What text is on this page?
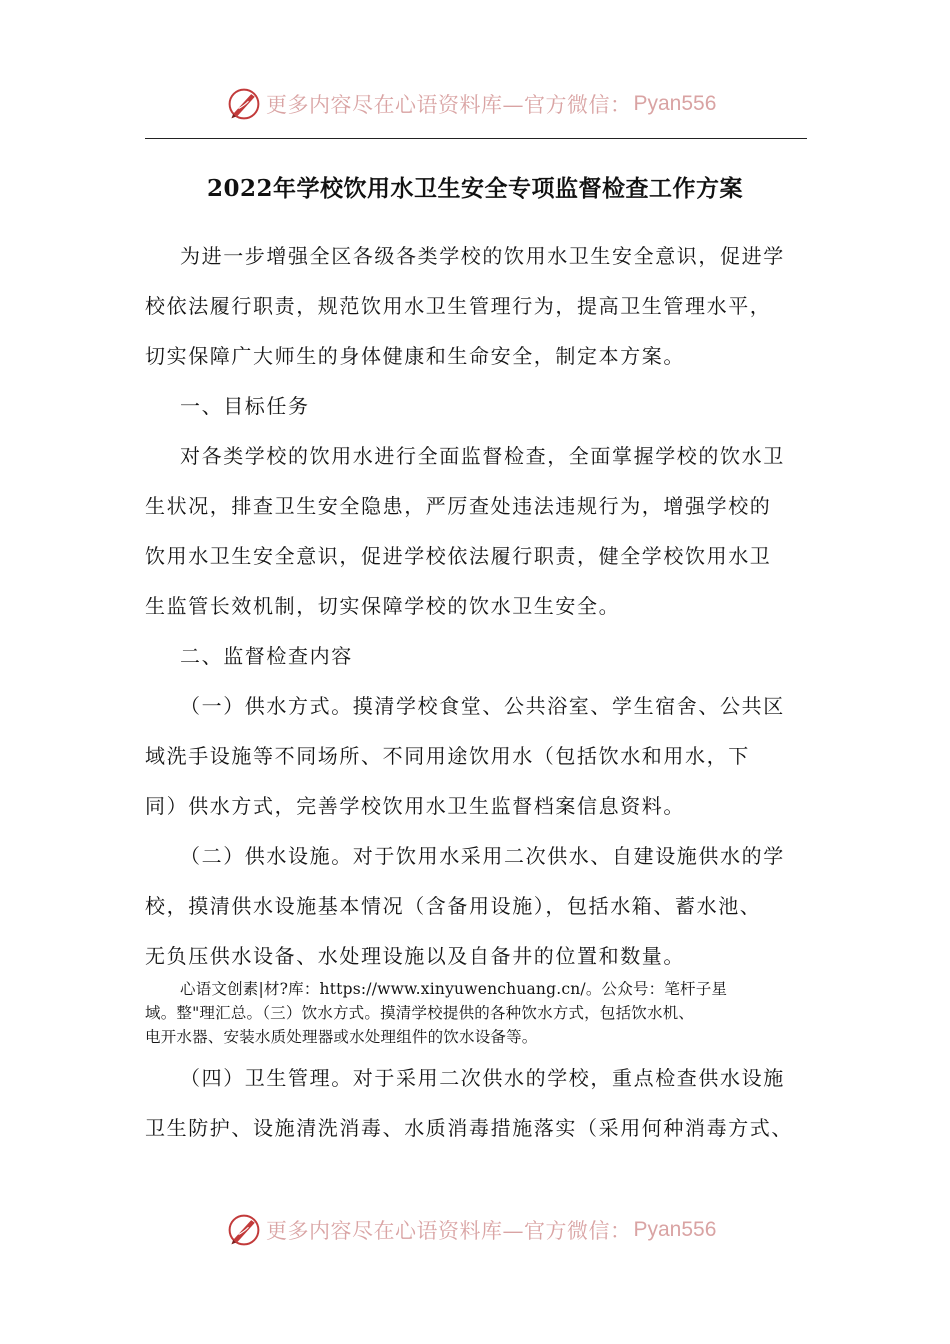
更多内容尽在心语资料库—官方微信： Pyan556
2022年学校饮用水卫生安全专项监督检查工作方案
为进一步增强全区各级各类学校的饮用水卫生安全意识，促进学
校依法履行职责，规范饮用水卫生管理行为，提高卫生管理水平，
切实保障广大师生的身体健康和生命安全，制定本方案。
一、目标任务
对各类学校的饮用水进行全面监督检查，全面掌握学校的饮水卫
生状况，排查卫生安全隐患，严厉查处违法违规行为，增强学校的
饮用水卫生安全意识，促进学校依法履行职责，健全学校饮用水卫
生监管长效机制，切实保障学校的饮水卫生安全。
二、监督检查内容
（一）供水方式。摸清学校食堂、公共浴室、学生宿舍、公共区
域洗手设施等不同场所、不同用途饮用水（包括饮水和用水，下
同）供水方式，完善学校饮用水卫生监督档案信息资料。
（二）供水设施。对于饮用水采用二次供水、自建设施供水的学
校，摸清供水设施基本情况（含备用设施），包括水箱、蓄水池、
无负压供水设备、水处理设施以及自备井的位置和数量。
心语文创素|材?库：https://www.xinyuwenchuang.cn/。公众号：笔杆子星
域。整"理汇总。（三）饮水方式。摸清学校提供的各种饮水方式，包括饮水机、
电开水器、安装水质处理器或水处理组件的饮水设备等。
（四）卫生管理。对于采用二次供水的学校，重点检查供水设施
卫生防护、设施清洗消毒、水质消毒措施落实（采用何种消毒方式、
更多内容尽在心语资料库—官方微信： Pyan556
